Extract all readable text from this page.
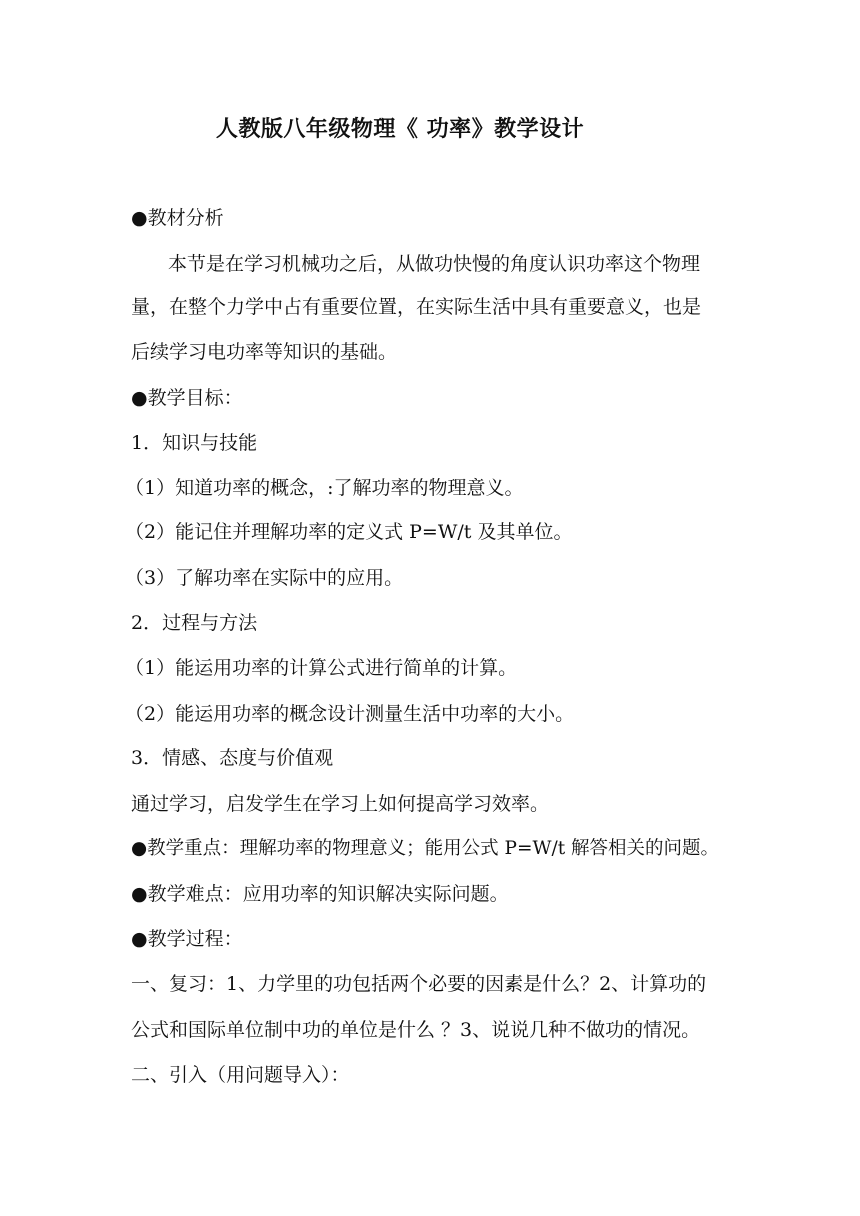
人教版八年级物理《 功率》教学设计
●教材分析
本节是在学习机械功之后，从做功快慢的角度认识功率这个物理
量，在整个力学中占有重要位置，在实际生活中具有重要意义，也是
后续学习电功率等知识的基础。
●教学目标：
1．知识与技能
（1）知道功率的概念，:了解功率的物理意义。
（2）能记住并理解功率的定义式 P=W/t 及其单位。
（3）了解功率在实际中的应用。
2．过程与方法
（1）能运用功率的计算公式进行简单的计算。
（2）能运用功率的概念设计测量生活中功率的大小。
3．情感、态度与价值观
通过学习，启发学生在学习上如何提高学习效率。
●教学重点：理解功率的物理意义；能用公式 P=W/t 解答相关的问题。
●教学难点：应用功率的知识解决实际问题。
●教学过程：
一、复习：1、力学里的功包括两个必要的因素是什么？2、计算功的
公式和国际单位制中功的单位是什么 ？3、说说几种不做功的情况。
二、引入（用问题导入）：
